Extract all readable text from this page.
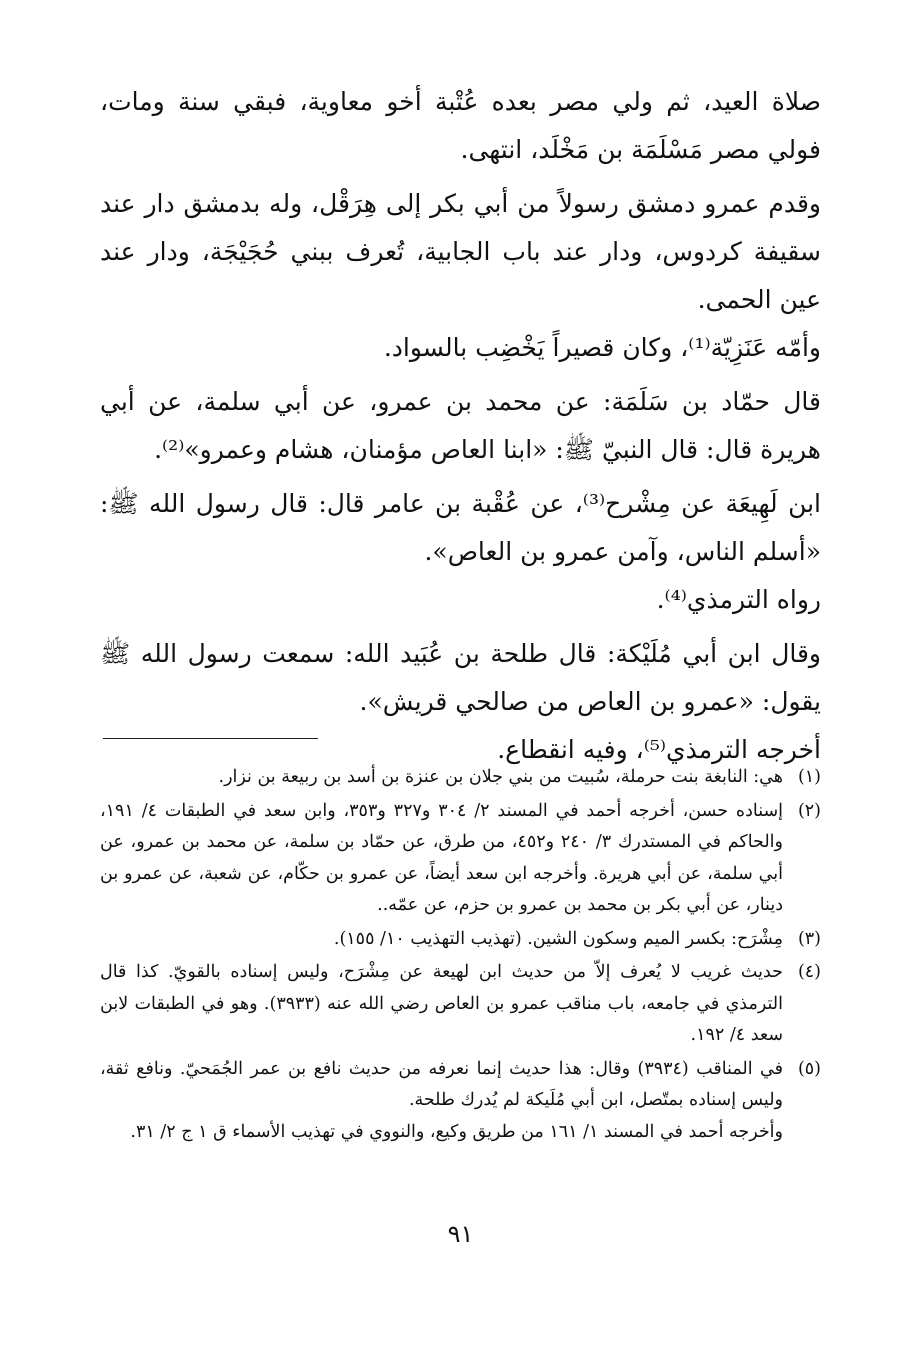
صلاة العيد، ثم ولي مصر بعده عُتْبة أخو معاوية، فبقي سنة ومات، فولي مصر مَسْلَمَة بن مَخْلَد، انتهى.

وقدم عمرو دمشق رسولاً من أبي بكر إلى هِرَقْل، وله بدمشق دار عند سقيفة كردوس، ودار عند باب الجابية، تُعرف ببني حُجَيْجَة، ودار عند عين الحمى.

وأمّه عَنَزِيّة⁽¹⁾، وكان قصيراً يَخْضِب بالسواد.

قال حمّاد بن سَلَمَة: عن محمد بن عمرو، عن أبي سلمة، عن أبي هريرة قال: قال النبيّ ﷺ: «ابنا العاص مؤمنان، هشام وعمرو»⁽²⁾.

ابن لَهِيعَة عن مِشْرح⁽³⁾، عن عُقْبة بن عامر قال: قال رسول الله ﷺ: «أسلم الناس، وآمن عمرو بن العاص».

رواه الترمذي⁽⁴⁾.

وقال ابن أبي مُلَيْكة: قال طلحة بن عُبَيد الله: سمعت رسول الله ﷺ يقول: «عمرو بن العاص من صالحي قريش».

أخرجه الترمذي⁽⁵⁾، وفيه انقطاع.

(١)
هي: النابغة بنت حرملة، سُبيت من بني جلان بن عنزة بن أسد بن ربيعة بن نزار.
(٢)
إسناده حسن، أخرجه أحمد في المسند ٢/ ٣٠٤ و٣٢٧ و٣٥٣، وابن سعد في الطبقات ٤/ ١٩١، والحاكم في المستدرك ٣/ ٢٤٠ و٤٥٢، من طرق، عن حمّاد بن سلمة، عن محمد بن عمرو، عن أبي سلمة، عن أبي هريرة. وأخرجه ابن سعد أيضاً، عن عمرو بن حكّام، عن شعبة، عن عمرو بن دينار، عن أبي بكر بن محمد بن عمرو بن حزم، عن عمّه..
(٣)
مِشْرَح: بكسر الميم وسكون الشين. (تهذيب التهذيب ١٠/ ١٥٥).
(٤)
حديث غريب لا يُعرف إلاّ من حديث ابن لهيعة عن مِشْرَح، وليس إسناده بالقويّ. كذا قال الترمذي في جامعه، باب مناقب عمرو بن العاص رضي الله عنه (٣٩٣٣). وهو في الطبقات لابن سعد ٤/ ١٩٢.
(٥)
في المناقب (٣٩٣٤) وقال: هذا حديث إنما نعرفه من حديث نافع بن عمر الجُمَحيّ. ونافع ثقة، وليس إسناده بمتّصل، ابن أبي مُلَيكة لم يُدرك طلحة.
وأخرجه أحمد في المسند ١/ ١٦١ من طريق وكيع، والنووي في تهذيب الأسماء ق ١ ج ٢/ ٣١.
٩١
